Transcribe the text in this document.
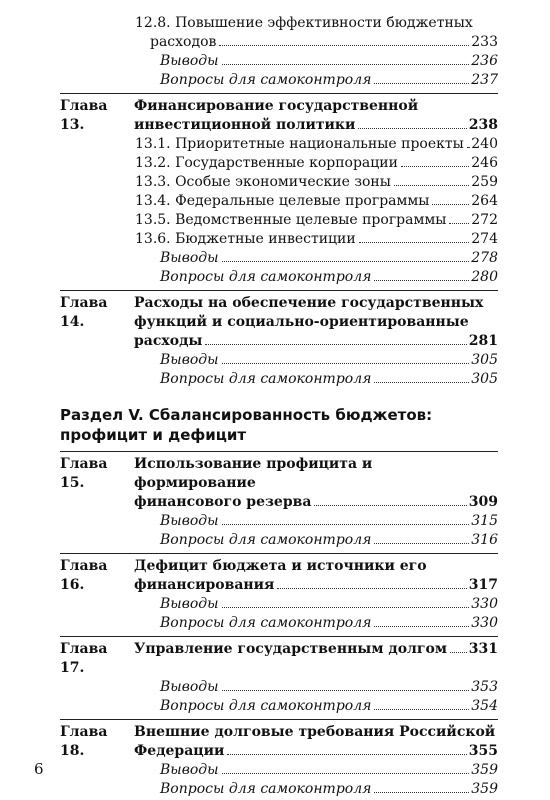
12.8. Повышение эффективности бюджетных
расходов	233
Выводы	236
Вопросы для самоконтроля	237
Глава 13.
Финансирование государственной
инвестиционной политики	238
13.1. Приоритетные национальные проекты 240
13.2. Государственные корпорации	246
13.3. Особые экономические зоны	259
13.4. Федеральные целевые программы	264
13.5. Ведомственные целевые программы 272
13.6. Бюджетные инвестиции	274
Выводы	278
Вопросы для самоконтроля	280
Глава 14.
Расходы на обеспечение государственных
функций и социально-ориентированные
расходы	281
Выводы	305
Вопросы для самоконтроля	305
Раздел V. Сбалансированность бюджетов:
профицит и дефицит
Глава 15.
Использование профицита и формирование
финансового резерва	309
Выводы	315
Вопросы для самоконтроля	316
Глава 16.
Дефицит бюджета и источники его
финансирования	317
Выводы	330
Вопросы для самоконтроля	330
Глава 17.
Управление государственным долгом 331
Выводы	353
Вопросы для самоконтроля	354
Глава 18.
Внешние долговые требования Российской
Федерации	355
Выводы	359
Вопросы для самоконтроля	359
6
